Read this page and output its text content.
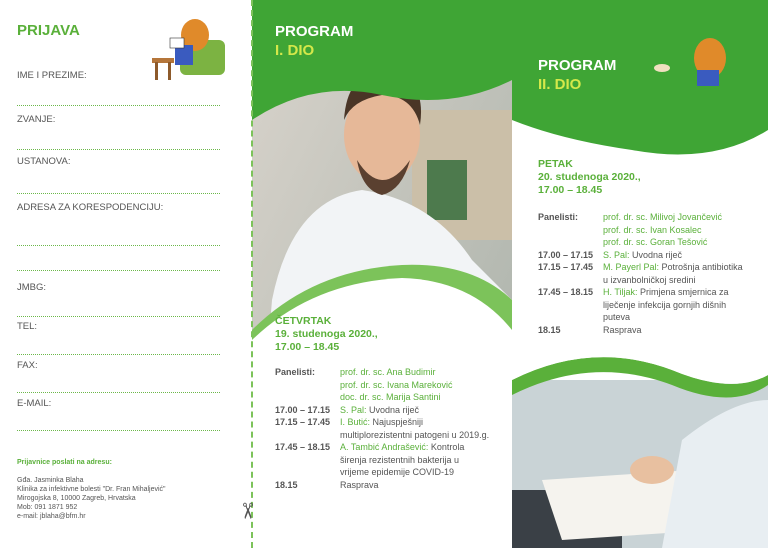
PRIJAVA
IME I PREZIME:
ZVANJE:
USTANOVA:
ADRESA ZA KORESPODENCIJU:
JMBG:
TEL:
FAX:
E-MAIL:
Prijavnice poslati na adresu:
Gđa. Jasminka Blaha
Klinika za infektivne bolesti "Dr. Fran Mihaljević"
Mirogojska 8, 10000 Zagreb, Hrvatska
Mob: 091 1871 952
e-mail: jblaha@bfm.hr	✂
PROGRAM
I. DIO
ČETVRTAK
19. studenoga 2020.,
17.00 – 18.45
Panelisti:	prof. dr. sc. Ana Budimir
prof. dr. sc. Ivana Mareković
doc. dr. sc. Marija Santini
17.00 – 17.15	S. Pal: Uvodna riječ
17.15 – 17.45	I. Butić: Najuspješniji multiplorezistentni patogeni u 2019.g.
17.45 – 18.15	A. Tambić Andrašević: Kontrola širenja rezistentnih bakterija u vrijeme epidemije COVID-19
18.15	Rasprava
PROGRAM
II. DIO
PETAK
20. studenoga 2020.,
17.00 – 18.45
Panelisti:	prof. dr. sc. Milivoj Jovančević
prof. dr. sc. Ivan Kosalec
prof. dr. sc. Goran Tešović
17.00 – 17.15	S. Pal: Uvodna riječ
17.15 – 17.45	M. Payerl Pal: Potrošnja antibiotika u izvanbolničkoj sredini
17.45 – 18.15	H. Tiljak: Primjena smjernica za liječenje infekcija gornjih dišnih puteva
18.15	Rasprava
